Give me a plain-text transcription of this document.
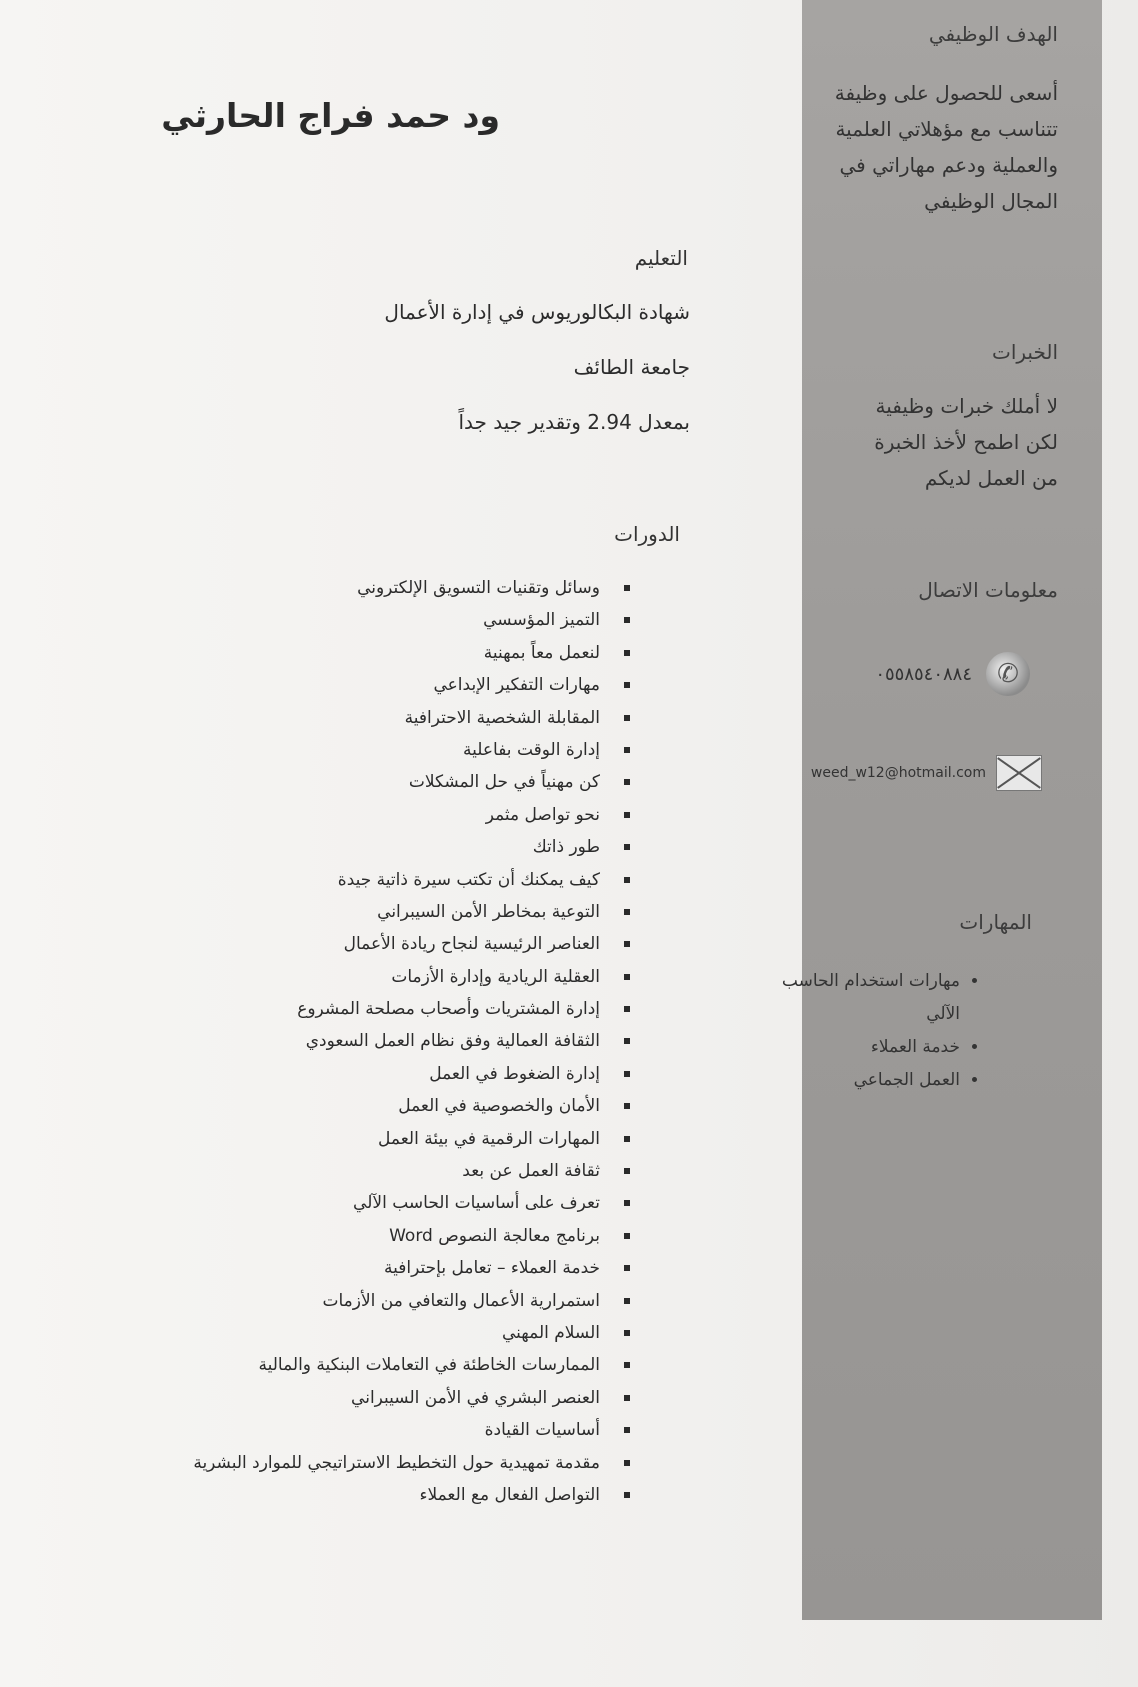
الهدف الوظيفي
أسعى للحصول على وظيفة تتناسب مع مؤهلاتي العلمية والعملية ودعم مهاراتي في المجال الوظيفي
الخبرات
لا أملك خبرات وظيفية لكن اطمح لأخذ الخبرة من العمل لديكم
معلومات الاتصال
٠٥٥٨٥٤٠٨٨٤ ✆
weed_w12@hotmail.com
المهارات
• مهارات استخدام الحاسب الآلي
• خدمة العملاء
• العمل الجماعي
ود حمد فراج الحارثي
التعليم
شهادة البكالوريوس في إدارة الأعمال
جامعة الطائف
بمعدل 2.94 وتقدير جيد جداً
الدورات
وسائل وتقنيات التسويق الإلكتروني
التميز المؤسسي
لنعمل معاً بمهنية
مهارات التفكير الإبداعي
المقابلة الشخصية الاحترافية
إدارة الوقت بفاعلية
كن مهنياً في حل المشكلات
نحو تواصل مثمر
طور ذاتك
كيف يمكنك أن تكتب سيرة ذاتية جيدة
التوعية بمخاطر الأمن السيبراني
العناصر الرئيسية لنجاح ريادة الأعمال
العقلية الريادية وإدارة الأزمات
إدارة المشتريات وأصحاب مصلحة المشروع
الثقافة العمالية وفق نظام العمل السعودي
إدارة الضغوط في العمل
الأمان والخصوصية في العمل
المهارات الرقمية في بيئة العمل
ثقافة العمل عن بعد
تعرف على أساسيات الحاسب الآلي
برنامج معالجة النصوص Word
خدمة العملاء – تعامل بإحترافية
استمرارية الأعمال والتعافي من الأزمات
السلام المهني
الممارسات الخاطئة في التعاملات البنكية والمالية
العنصر البشري في الأمن السيبراني
أساسيات القيادة
مقدمة تمهيدية حول التخطيط الاستراتيجي للموارد البشرية
التواصل الفعال مع العملاء
